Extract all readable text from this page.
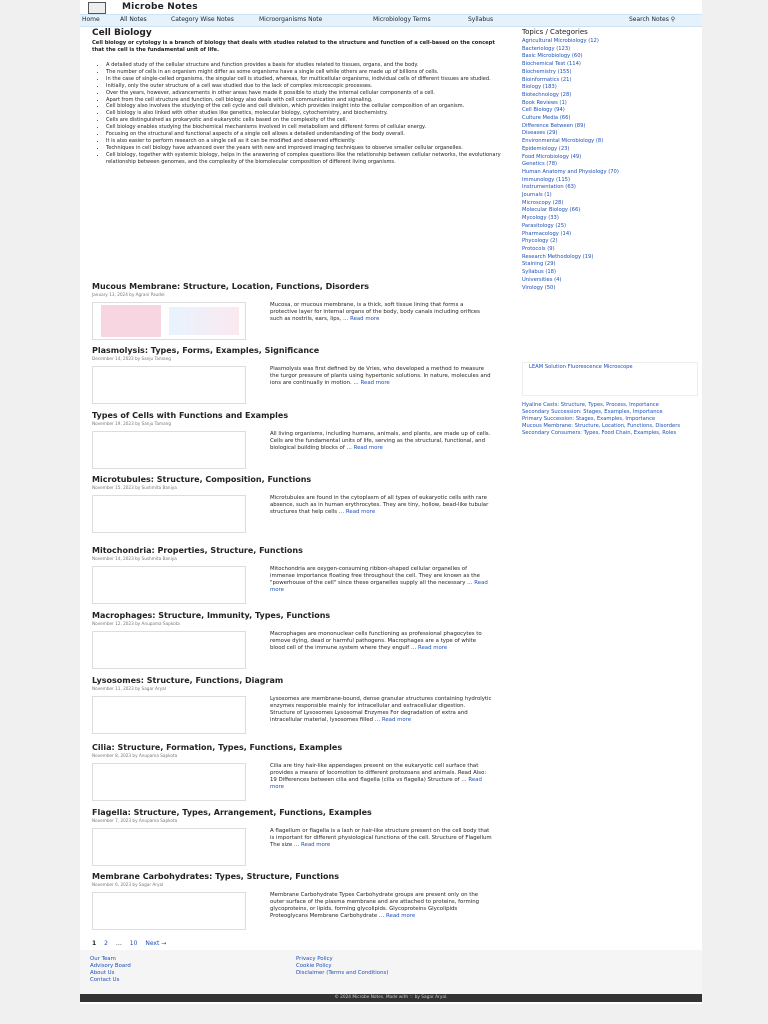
Microbe Notes
Home	All Notes	Category Wise Notes	Microorganisms Note	Microbiology Terms	Syllabus	Search Notes ⚲
Cell Biology
Cell biology or cytology is a branch of biology that deals with studies related to the structure and function of a cell-based on the concept that the cell is the fundamental unit of life.
• A detailed study of the cellular structure and function provides a basis for studies related to tissues, organs, and the body.
• The number of cells in an organism might differ as some organisms have a single cell while others are made up of billions of cells.
• In the case of single-celled organisms, the singular cell is studied, whereas, for multicellular organisms, individual cells of different tissues are studied.
• Initially, only the outer structure of a cell was studied due to the lack of complex microscopic processes.
• Over the years, however, advancements in other areas have made it possible to study the internal cellular components of a cell.
• Apart from the cell structure and function, cell biology also deals with cell communication and signaling.
• Cell biology also involves the studying of the cell cycle and cell division, which provides insight into the cellular composition of an organism.
• Cell biology is also linked with other studies like genetics, molecular biology, cytochemistry, and biochemistry.
• Cells are distinguished as prokaryotic and eukaryotic cells based on the complexity of the cell.
• Cell biology enables studying the biochemical mechanisms involved in cell metabolism and different forms of cellular energy.
• Focusing on the structural and functional aspects of a single cell allows a detailed understanding of the body overall.
• It is also easier to perform research on a single cell as it can be modified and observed efficiently.
• Techniques in cell biology have advanced over the years with new and improved imaging techniques to observe smaller cellular organelles.
• Cell biology, together with systemic biology, helps in the answering of complex questions like the relationship between cellular networks, the evolutionary relationship between genomes, and the complexity of the biomolecular composition of different living organisms.
Mucous Membrane: Structure, Location, Functions, Disorders
January 13, 2024 by Agrani Paudel
Mucosa, or mucous membrane, is a thick, soft tissue lining that forms a protective layer for internal organs of the body, body canals including orifices such as nostrils, ears, lips, … Read more
Plasmolysis: Types, Forms, Examples, Significance
December 14, 2023 by Sanju Tamang
Plasmolysis was first defined by de Vries, who developed a method to measure the turgor pressure of plants using hypertonic solutions. In nature, molecules and ions are continually in motion. … Read more
Types of Cells with Functions and Examples
November 19, 2023 by Sanju Tamang
All living organisms, including humans, animals, and plants, are made up of cells. Cells are the fundamental units of life, serving as the structural, functional, and biological building blocks of … Read more
Microtubules: Structure, Composition, Functions
November 15, 2023 by Sushmita Baniya
Microtubules are found in the cytoplasm of all types of eukaryotic cells with rare absence, such as in human erythrocytes. They are tiny, hollow, bead-like tubular structures that help cells … Read more
Mitochondria: Properties, Structure, Functions
November 14, 2023 by Sushmita Baniya
Mitochondria are oxygen-consuming ribbon-shaped cellular organelles of immense importance floating free throughout the cell. They are known as the "powerhouse of the cell" since these organelles supply all the necessary … Read more
Macrophages: Structure, Immunity, Types, Functions
November 12, 2023 by Anupama Sapkota
Macrophages are mononuclear cells functioning as professional phagocytes to remove dying, dead or harmful pathogens. Macrophages are a type of white blood cell of the immune system where they engulf … Read more
Lysosomes: Structure, Functions, Diagram
November 11, 2023 by Sagar Aryal
Lysosomes are membrane-bound, dense granular structures containing hydrolytic enzymes responsible mainly for intracellular and extracellular digestion. Structure of Lysosomes Lysosomal Enzymes For degradation of extra and intracellular material, lysosomes filled … Read more
Cilia: Structure, Formation, Types, Functions, Examples
November 8, 2023 by Anupama Sapkota
Cilia are tiny hair-like appendages present on the eukaryotic cell surface that provides a means of locomotion to different protozoans and animals. Read Also: 19 Differences between cilia and flagella (cilia vs flagella) Structure of … Read more
Flagella: Structure, Types, Arrangement, Functions, Examples
November 7, 2023 by Anupama Sapkota
A flagellum or flagella is a lash or hair-like structure present on the cell body that is important for different physiological functions of the cell. Structure of Flagellum The size … Read more
Membrane Carbohydrates: Types, Structure, Functions
November 6, 2023 by Sagar Aryal
Membrane Carbohydrate Types Carbohydrate groups are present only on the outer surface of the plasma membrane and are attached to proteins, forming glycoproteins, or lipids, forming glycolipids. Glycoproteins Glycolipids Proteoglycans Membrane Carbohydrate … Read more
1 2 … 10 Next →
Topics / Categories
Agricultural Microbiology (12)
Bacteriology (123)
Basic Microbiology (60)
Biochemical Test (114)
Biochemistry (155)
Bioinformatics (21)
Biology (183)
Biotechnology (28)
Book Reviews (1)
Cell Biology (94)
Culture Media (66)
Difference Between (89)
Diseases (29)
Environmental Microbiology (8)
Epidemiology (23)
Food Microbiology (49)
Genetics (78)
Human Anatomy and Physiology (70)
Immunology (115)
Instrumentation (63)
Journals (1)
Microscopy (28)
Molecular Biology (66)
Mycology (33)
Parasitology (25)
Pharmacology (14)
Phycology (2)
Protocols (9)
Research Methodology (19)
Staining (29)
Syllabus (18)
Universities (4)
Virology (50)
LEAM Solution Fluorescence Microscope
Hyaline Casts: Structure, Types, Process, Importance
Secondary Succession: Stages, Examples, Importance
Primary Succession: Stages, Examples, Importance
Mucous Membrane: Structure, Location, Functions, Disorders
Secondary Consumers: Types, Food Chain, Examples, Roles
Our Team
Advisory Board
About Us
Contact Us
Privacy Policy
Cookie Policy
Disclaimer (Terms and Conditions)
© 2024 Microbe Notes. Made with ♡ by Sagar Aryal.
